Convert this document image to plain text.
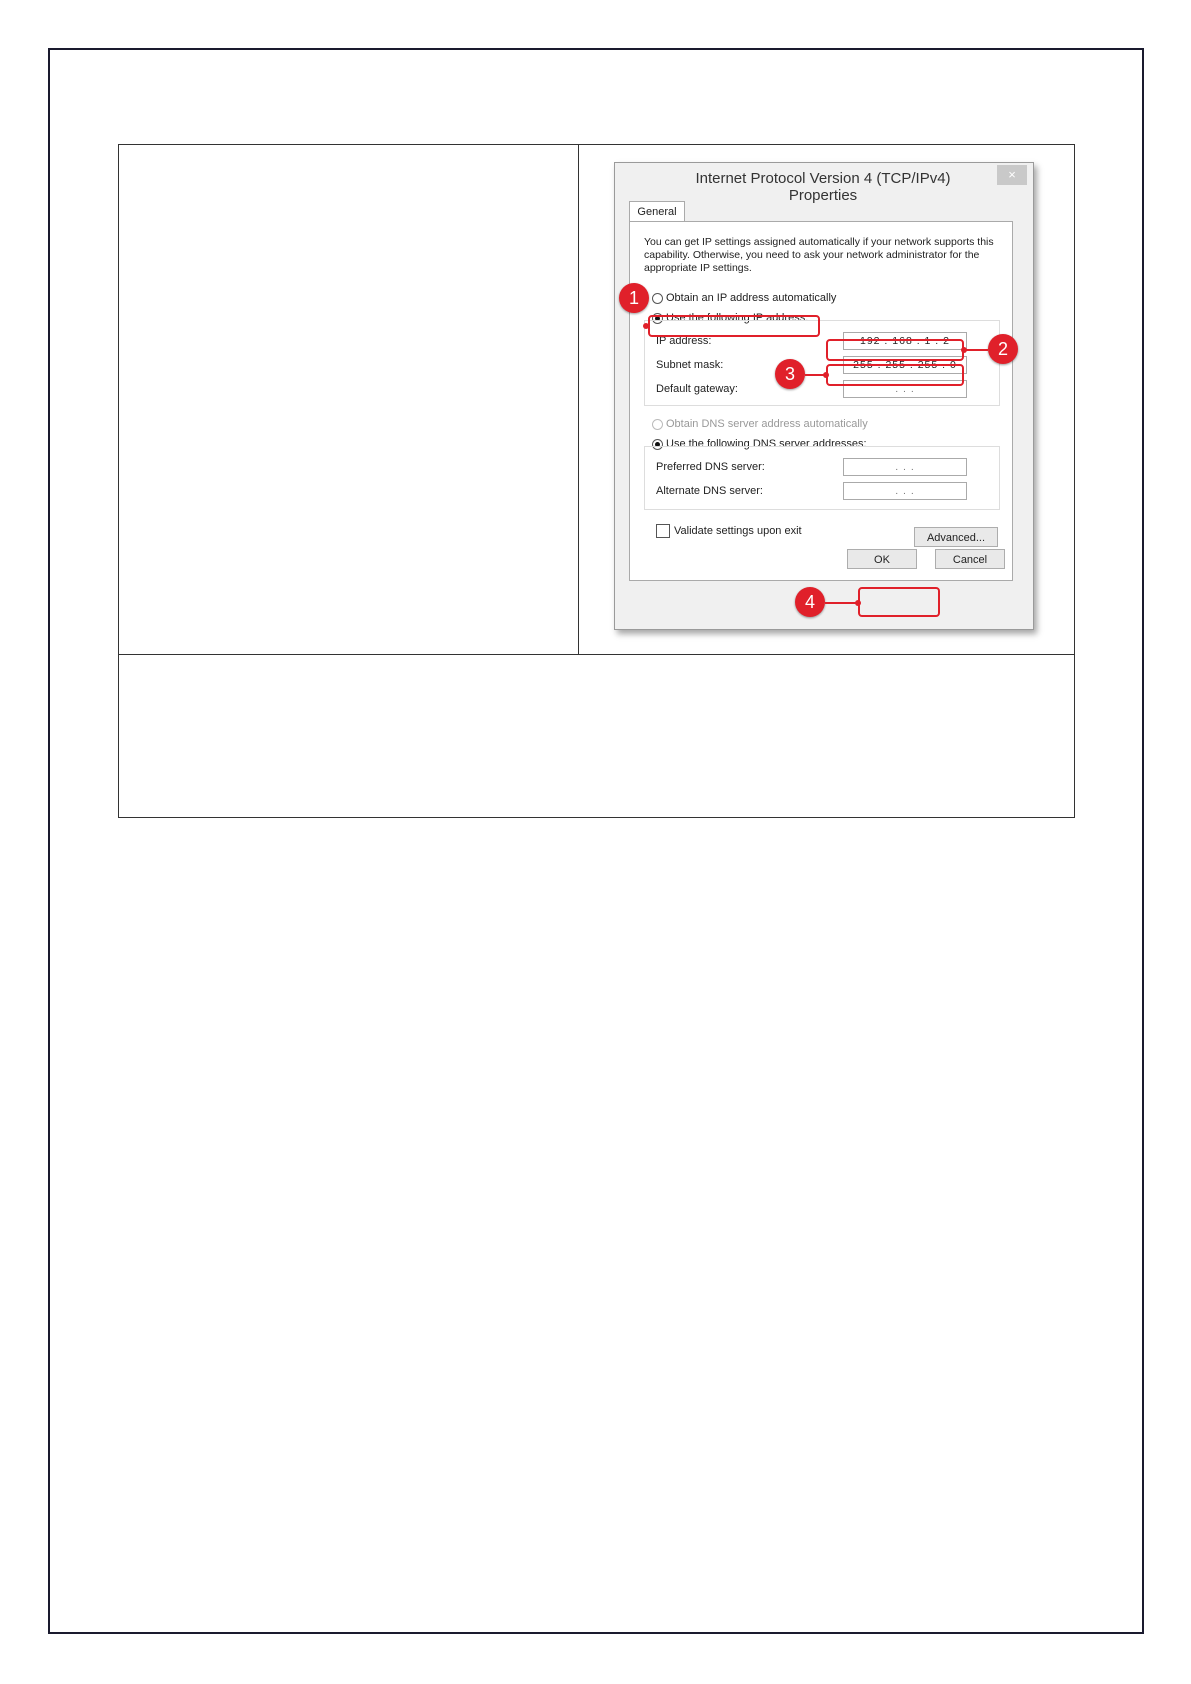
Internet Protocol Version 4 (TCP/IPv4) Properties
×
General
You can get IP settings assigned automatically if your network supports this capability. Otherwise, you need to ask your network administrator for the appropriate IP settings.
Obtain an IP address automatically
Use the following IP address:
IP address:	192 . 168 . 1 . 2
Subnet mask:	255 . 255 . 255 . 0
Default gateway:	. . .
Obtain DNS server address automatically
Use the following DNS server addresses:
Preferred DNS server:	. . .
Alternate DNS server:	. . .
Validate settings upon exit
Advanced...
OK	Cancel
1
2
3
4
